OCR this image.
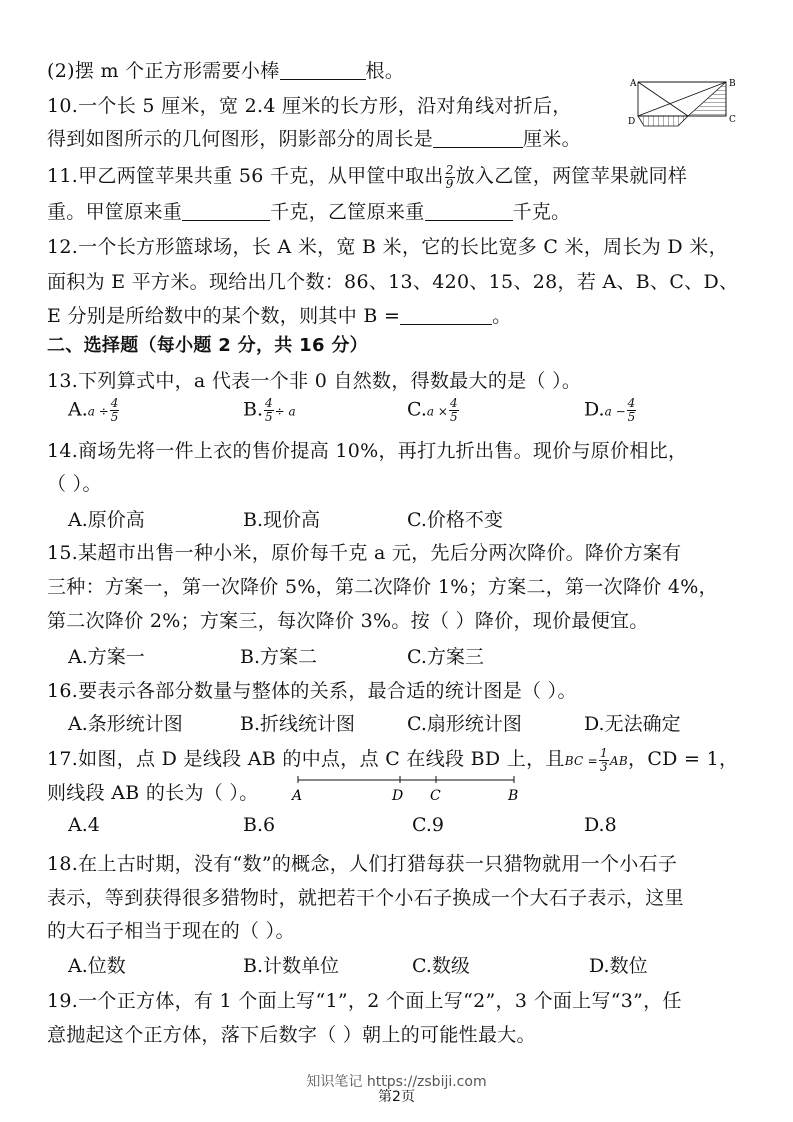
(2)摆 m 个正方形需要小棒	根。
10.一个长 5 厘米，宽 2.4 厘米的长方形，沿对角线对折后，
得到如图所示的几何图形，阴影部分的周长是	厘米。
A	B
C
D
11.甲乙两筐苹果共重 56 千克，从甲筐中取出 $\frac{2}{9}$ 放入乙筐，两筐苹果就同样
重。甲筐原来重	千克，乙筐原来重	千克。
12.一个长方形篮球场，长 A 米，宽 B 米，它的长比宽多 C 米，周长为 D 米，
面积为 E 平方米。现给出几个数：86、13、420、15、28，若 A、B、C、D、
E 分别是所给数中的某个数，则其中 B =	。
二、选择题（每小题 2 分，共 16 分）
13.下列算式中，a 代表一个非 0 自然数，得数最大的是（ ）。
$A.a \div \frac{4}{5}$	B. $\frac{4}{5} \div a$	$C.a \times \frac{4}{5}$	$D.a - \frac{4}{5}$
14.商场先将一件上衣的售价提高 10%，再打九折出售。现价与原价相比，
（ ）。
A.原价高	B.现价高	C.价格不变
15.某超市出售一种小米，原价每千克 a 元，先后分两次降价。降价方案有
三种：方案一，第一次降价 5%，第二次降价 1%；方案二，第一次降价 4%，
第二次降价 2%；方案三，每次降价 3%。按（ ）降价，现价最便宜。
A.方案一	B.方案二	C.方案三
16.要表示各部分数量与整体的关系，最合适的统计图是（ ）。
A.条形统计图	B.折线统计图	C.扇形统计图	D.无法确定
17.如图，点 D 是线段 AB 的中点，点 C 在线段 BD 上，且BC = $\frac{1}{3}$ AB，CD = 1，
则线段 AB 的长为（ ）。 A	D C	B
A.4	B.6	C.9	D.8
18.在上古时期，没有“数”的概念，人们打猎每获一只猎物就用一个小石子
表示，等到获得很多猎物时，就把若干个小石子换成一个大石子表示，这里
的大石子相当于现在的（ ）。
A.位数	B.计数单位	C.数级	D.数位
19.一个正方体，有 1 个面上写“1”，2 个面上写“2”，3 个面上写“3”，任
意抛起这个正方体，落下后数字（ ）朝上的可能性最大。
知识笔记 https://zsbiji.com
第2页
